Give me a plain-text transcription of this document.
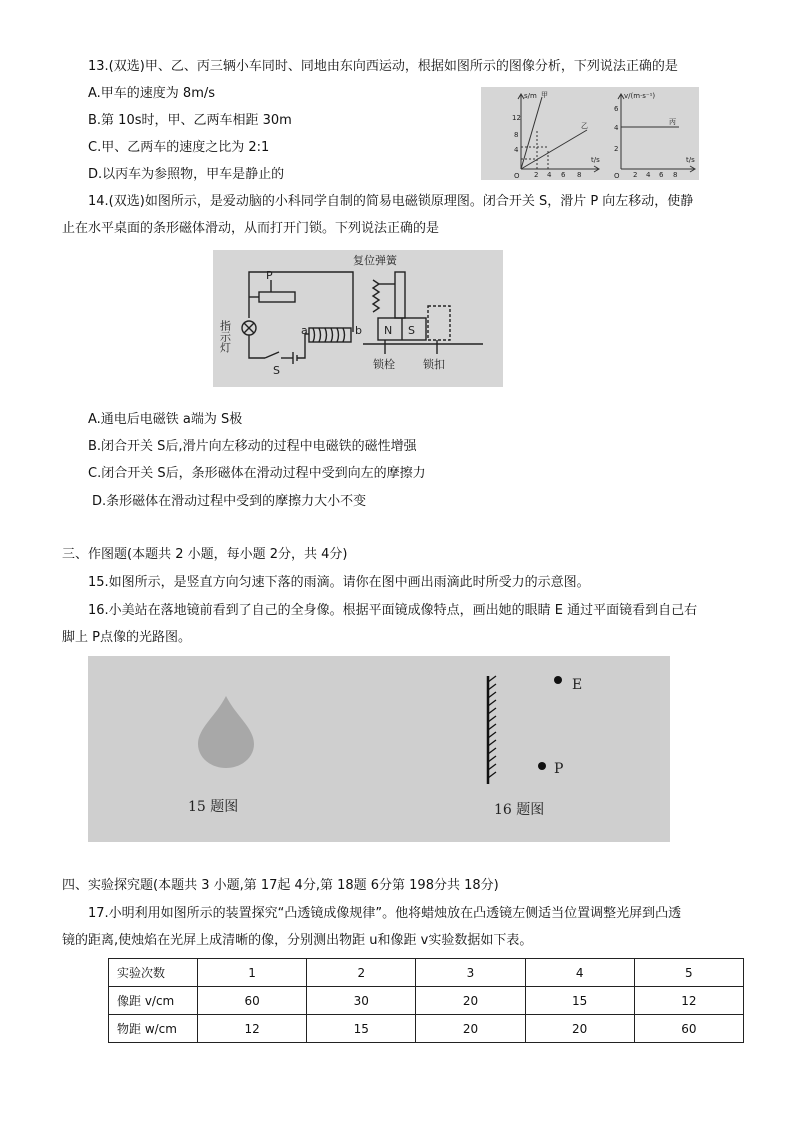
13.(双选)甲、乙、丙三辆小车同时、同地由东向西运动，根据如图所示的图像分析，下列说法正确的是
A.甲车的速度为 8m/s
B.第 10s时，甲、乙两车相距 30m
C.甲、乙两车的速度之比为 2:1
D.以丙车为参照物，甲车是静止的
s/m
t/s
12
8
4
2 4 6 8
O
甲
乙
v/(m·s⁻¹)
t/s
6
4
2
2 4 6 8
O
丙
14.(双选)如图所示，是爱动脑的小科同学自制的简易电磁锁原理图。闭合开关 S，滑片 P 向左移动，使静
止在水平桌面的条形磁体滑动，从而打开门锁。下列说法正确的是
复位弹簧
P
指示灯
S
a	b N S
锁栓	锁扣
A.通电后电磁铁 a端为 S极
B.闭合开关 S后,滑片向左移动的过程中电磁铁的磁性增强
C.闭合开关 S后，条形磁体在滑动过程中受到向左的摩擦力
D.条形磁体在滑动过程中受到的摩擦力大小不变
三、作图题(本题共 2 小题，每小题 2分，共 4分)
15.如图所示，是竖直方向匀速下落的雨滴。请你在图中画出雨滴此时所受力的示意图。
16.小美站在落地镜前看到了自己的全身像。根据平面镜成像特点，画出她的眼睛 E 通过平面镜看到自己右
脚上 P点像的光路图。
E
P
15 题图	16 题图
四、实验探究题(本题共 3 小题,第 17起 4分,第 18题 6分第 198分共 18分)
17.小明利用如图所示的装置探究“凸透镜成像规律”。他将蜡烛放在凸透镜左侧适当位置调整光屏到凸透
镜的距离,使烛焰在光屏上成清晰的像，分别测出物距 u和像距 v实验数据如下表。
实验次数	1	2	3	4	5
像距 v/cm	60	30	20	15	12
物距 w/cm	12	15	20	20	60
